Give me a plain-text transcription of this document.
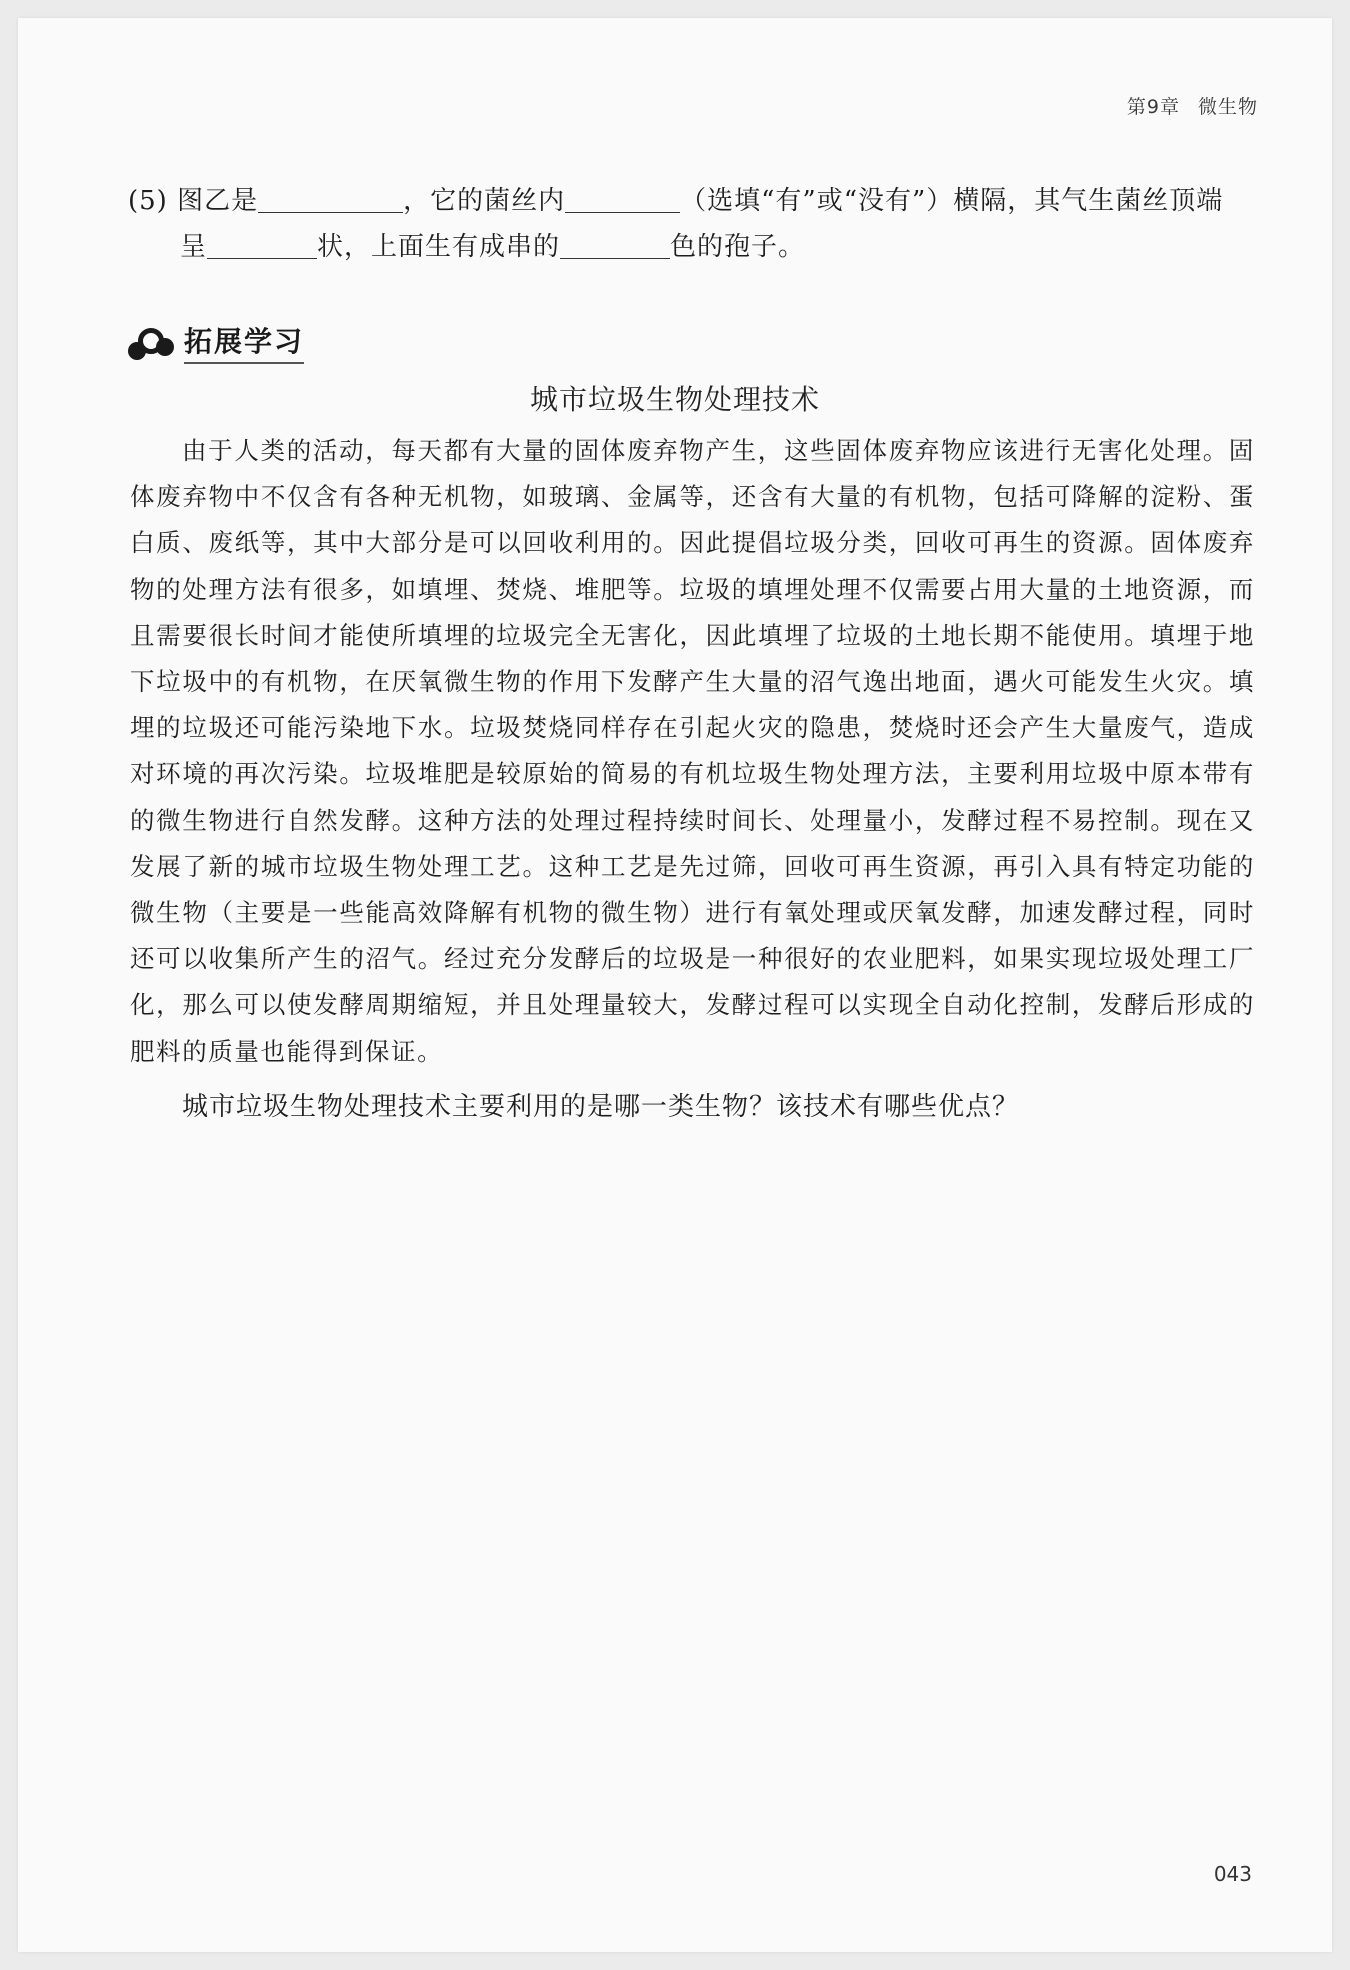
第9章 微生物
(5) 图乙是	，它的菌丝内	（选填“有”或“没有”）横隔，其气生菌丝顶端
呈	状，上面生有成串的	色的孢子。
拓展学习
城市垃圾生物处理技术
由于人类的活动，每天都有大量的固体废弃物产生，这些固体废弃物应该进行无害化处理。固体废弃物中不仅含有各种无机物，如玻璃、金属等，还含有大量的有机物，包括可降解的淀粉、蛋白质、废纸等，其中大部分是可以回收利用的。因此提倡垃圾分类，回收可再生的资源。固体废弃物的处理方法有很多，如填埋、焚烧、堆肥等。垃圾的填埋处理不仅需要占用大量的土地资源，而且需要很长时间才能使所填埋的垃圾完全无害化，因此填埋了垃圾的土地长期不能使用。填埋于地下垃圾中的有机物，在厌氧微生物的作用下发酵产生大量的沼气逸出地面，遇火可能发生火灾。填埋的垃圾还可能污染地下水。垃圾焚烧同样存在引起火灾的隐患，焚烧时还会产生大量废气，造成对环境的再次污染。垃圾堆肥是较原始的简易的有机垃圾生物处理方法，主要利用垃圾中原本带有的微生物进行自然发酵。这种方法的处理过程持续时间长、处理量小，发酵过程不易控制。现在又发展了新的城市垃圾生物处理工艺。这种工艺是先过筛，回收可再生资源，再引入具有特定功能的微生物（主要是一些能高效降解有机物的微生物）进行有氧处理或厌氧发酵，加速发酵过程，同时还可以收集所产生的沼气。经过充分发酵后的垃圾是一种很好的农业肥料，如果实现垃圾处理工厂化，那么可以使发酵周期缩短，并且处理量较大，发酵过程可以实现全自动化控制，发酵后形成的肥料的质量也能得到保证。
城市垃圾生物处理技术主要利用的是哪一类生物？该技术有哪些优点？
043
